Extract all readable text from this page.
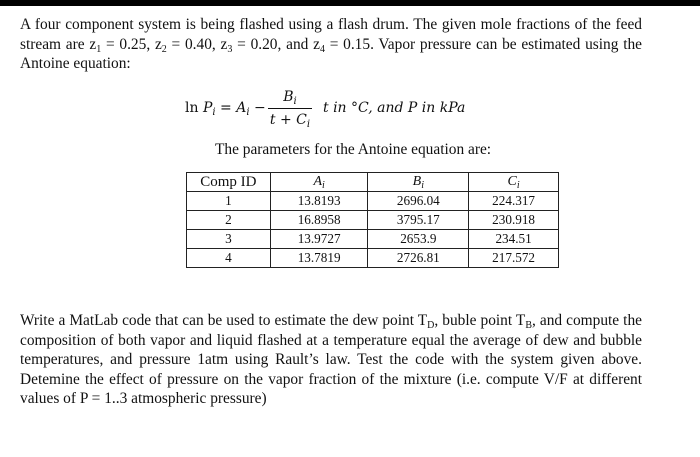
A four component system is being flashed using a flash drum. The given mole fractions of the feed stream are $z_1 = 0.25$, $z_2 = 0.40$, $z_3 = 0.20$, and $z_4 = 0.15$. Vapor pressure can be estimated using the Antoine equation:

$\ln P_i = A_i$ −
$B_i$
$t + C_i$
t in °C, and P in kPa

The parameters for the Antoine equation are:

Comp ID	$A_i$	$B_i$	$C_i$
1	13.8193	2696.04	224.317
2	16.8958	3795.17	230.918
3	13.9727	2653.9	234.51
4	13.7819	2726.81	217.572

Write a MatLab code that can be used to estimate the dew point $T_D$, buble point $T_B$, and compute the composition of both vapor and liquid flashed at a temperature equal the average of dew and bubble temperatures, and pressure 1atm using Rault’s law. Test the code with the system given above. Detemine the effect of pressure on the vapor fraction of the mixture (i.e. compute V/F at different values of P = 1..3 atmospheric pressure)
